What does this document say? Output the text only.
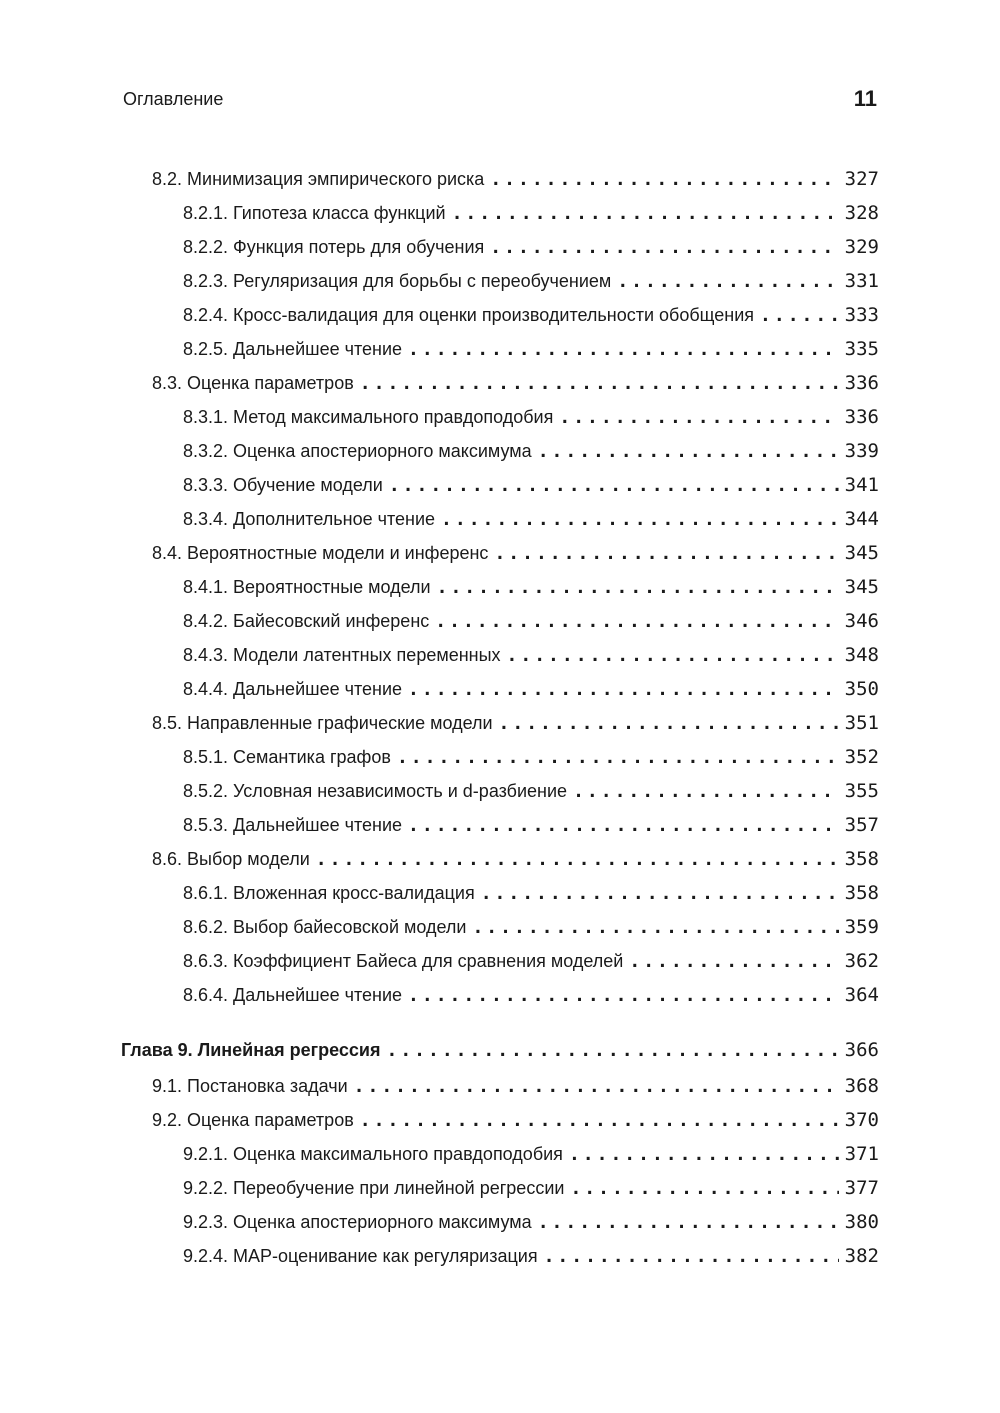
Оглавление	11
8.2. Минимизация эмпирического риска .....	327
8.2.1. Гипотеза класса функций .....	328
8.2.2. Функция потерь для обучения .....	329
8.2.3. Регуляризация для борьбы с переобучением .....	331
8.2.4. Кросс-валидация для оценки производительности обобщения .....	333
8.2.5. Дальнейшее чтение .....	335
8.3. Оценка параметров .....	336
8.3.1. Метод максимального правдоподобия .....	336
8.3.2. Оценка апостериорного максимума .....	339
8.3.3. Обучение модели .....	341
8.3.4. Дополнительное чтение .....	344
8.4. Вероятностные модели и инференс .....	345
8.4.1. Вероятностные модели .....	345
8.4.2. Байесовский инференс .....	346
8.4.3. Модели латентных переменных .....	348
8.4.4. Дальнейшее чтение .....	350
8.5. Направленные графические модели .....	351
8.5.1. Семантика графов .....	352
8.5.2. Условная независимость и d-разбиение .....	355
8.5.3. Дальнейшее чтение .....	357
8.6. Выбор модели .....	358
8.6.1. Вложенная кросс-валидация .....	358
8.6.2. Выбор байесовской модели .....	359
8.6.3. Коэффициент Байеса для сравнения моделей .....	362
8.6.4. Дальнейшее чтение .....	364
Глава 9. Линейная регрессия .....	366
9.1. Постановка задачи .....	368
9.2. Оценка параметров .....	370
9.2.1. Оценка максимального правдоподобия .....	371
9.2.2. Переобучение при линейной регрессии .....	377
9.2.3. Оценка апостериорного максимума .....	380
9.2.4. MAP-оценивание как регуляризация .....	382
